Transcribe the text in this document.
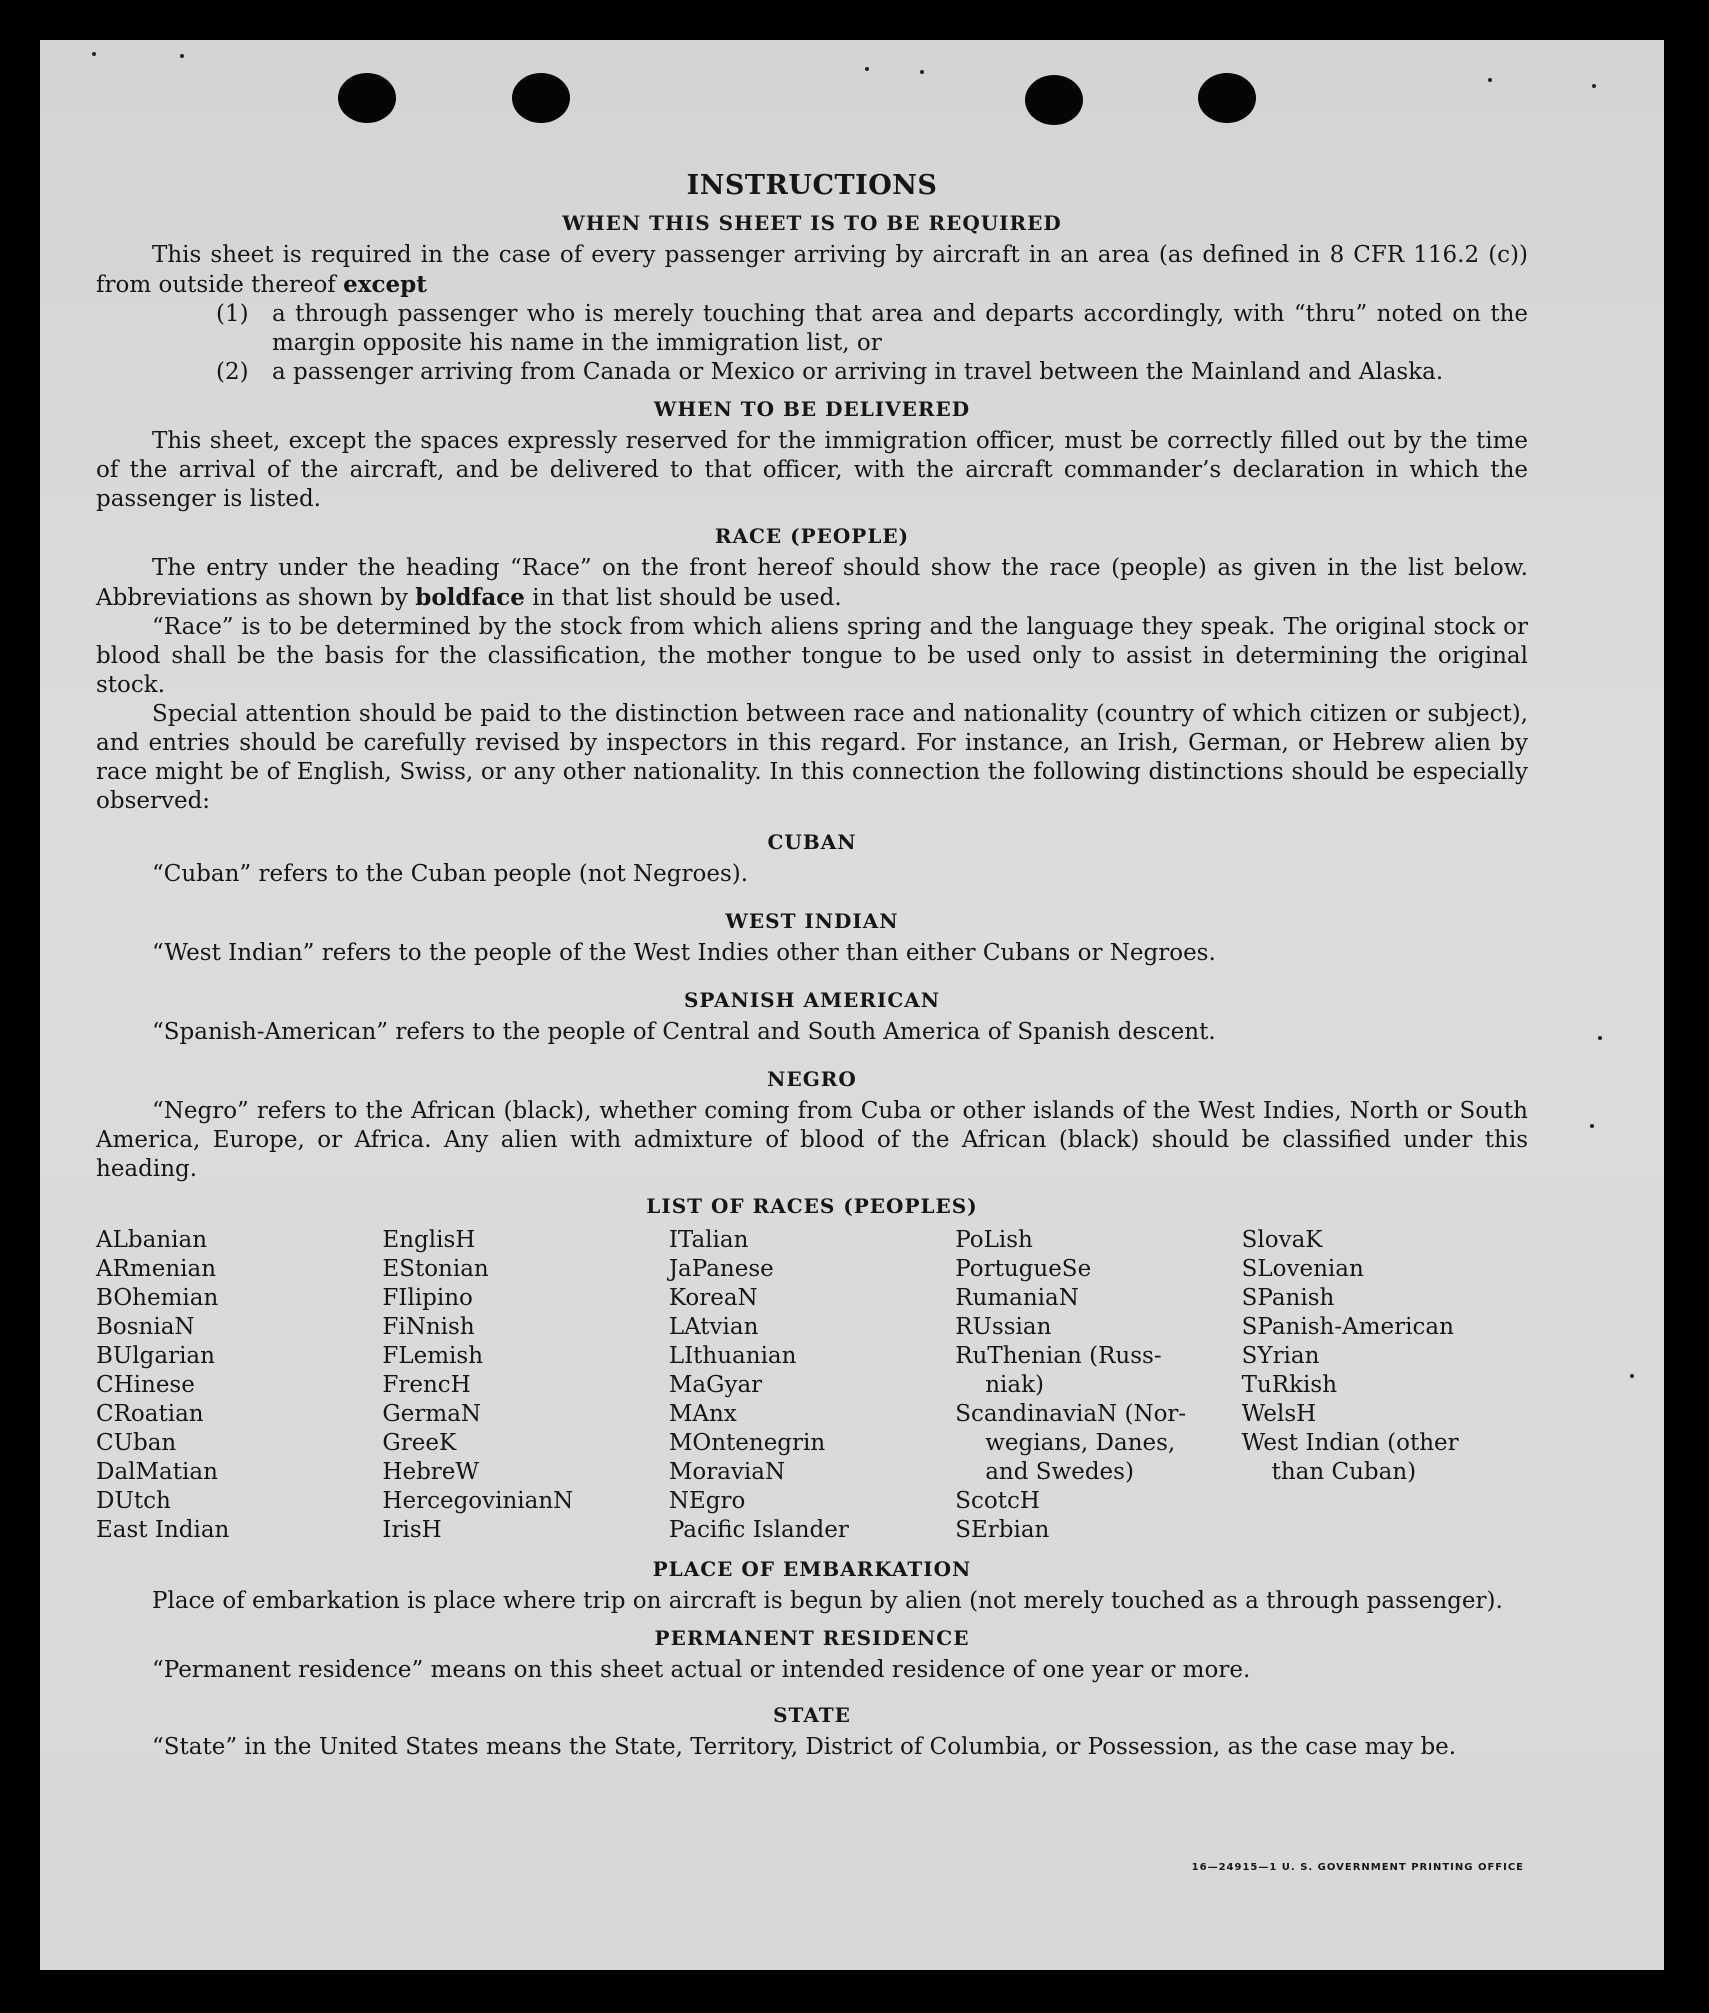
INSTRUCTIONS
WHEN THIS SHEET IS TO BE REQUIRED

This sheet is required in the case of every passenger arriving by aircraft in an area (as defined in 8 CFR 116.2 (c)) from outside thereof except

(1)	a through passenger who is merely touching that area and departs accordingly, with “thru” noted on the margin opposite his name in the immigration list, or
(2)	a passenger arriving from Canada or Mexico or arriving in travel between the Mainland and Alaska.
WHEN TO BE DELIVERED

This sheet, except the spaces expressly reserved for the immigration officer, must be correctly filled out by the time of the arrival of the aircraft, and be delivered to that officer, with the aircraft commander’s declaration in which the passenger is listed.

RACE (PEOPLE)

The entry under the heading “Race” on the front hereof should show the race (people) as given in the list below. Abbreviations as shown by boldface in that list should be used.

“Race” is to be determined by the stock from which aliens spring and the language they speak. The original stock or blood shall be the basis for the classification, the mother tongue to be used only to assist in determining the original stock.

Special attention should be paid to the distinction between race and nationality (country of which citizen or subject), and entries should be carefully revised by inspectors in this regard. For instance, an Irish, German, or Hebrew alien by race might be of English, Swiss, or any other nationality. In this connection the following distinctions should be especially observed:

CUBAN

“Cuban” refers to the Cuban people (not Negroes).

WEST INDIAN

“West Indian” refers to the people of the West Indies other than either Cubans or Negroes.

SPANISH AMERICAN

“Spanish-American” refers to the people of Central and South America of Spanish descent.

NEGRO

“Negro” refers to the African (black), whether coming from Cuba or other islands of the West Indies, North or South America, Europe, or Africa. Any alien with admixture of blood of the African (black) should be classified under this heading.

LIST OF RACES (PEOPLES)
ALbanian
ARmenian
BOhemian
BosniaN
BUlgarian
CHinese
CRoatian
CUban
DalMatian
DUtch
East Indian
EnglisH
EStonian
FIlipino
FiNnish
FLemish
FrencH
GermaN
GreeK
HebreW
HercegovinianN
IrisH
ITalian
JaPanese
KoreaN
LAtvian
LIthuanian
MaGyar
MAnx
MOntenegrin
MoraviaN
NEgro
Pacific Islander
PoLish
PortugueSe
RumaniaN
RUssian
RuThenian (Russ-
niak)
ScandinaviaN (Nor-
wegians, Danes,
and Swedes)
ScotcH
SErbian
SlovaK
SLovenian
SPanish
SPanish-American
SYrian
TuRkish
WelsH
West Indian (other
than Cuban)
PLACE OF EMBARKATION

Place of embarkation is place where trip on aircraft is begun by alien (not merely touched as a through passenger).

PERMANENT RESIDENCE

“Permanent residence” means on this sheet actual or intended residence of one year or more.

STATE

“State” in the United States means the State, Territory, District of Columbia, or Possession, as the case may be.

16—24915—1 U. S. GOVERNMENT PRINTING OFFICE
